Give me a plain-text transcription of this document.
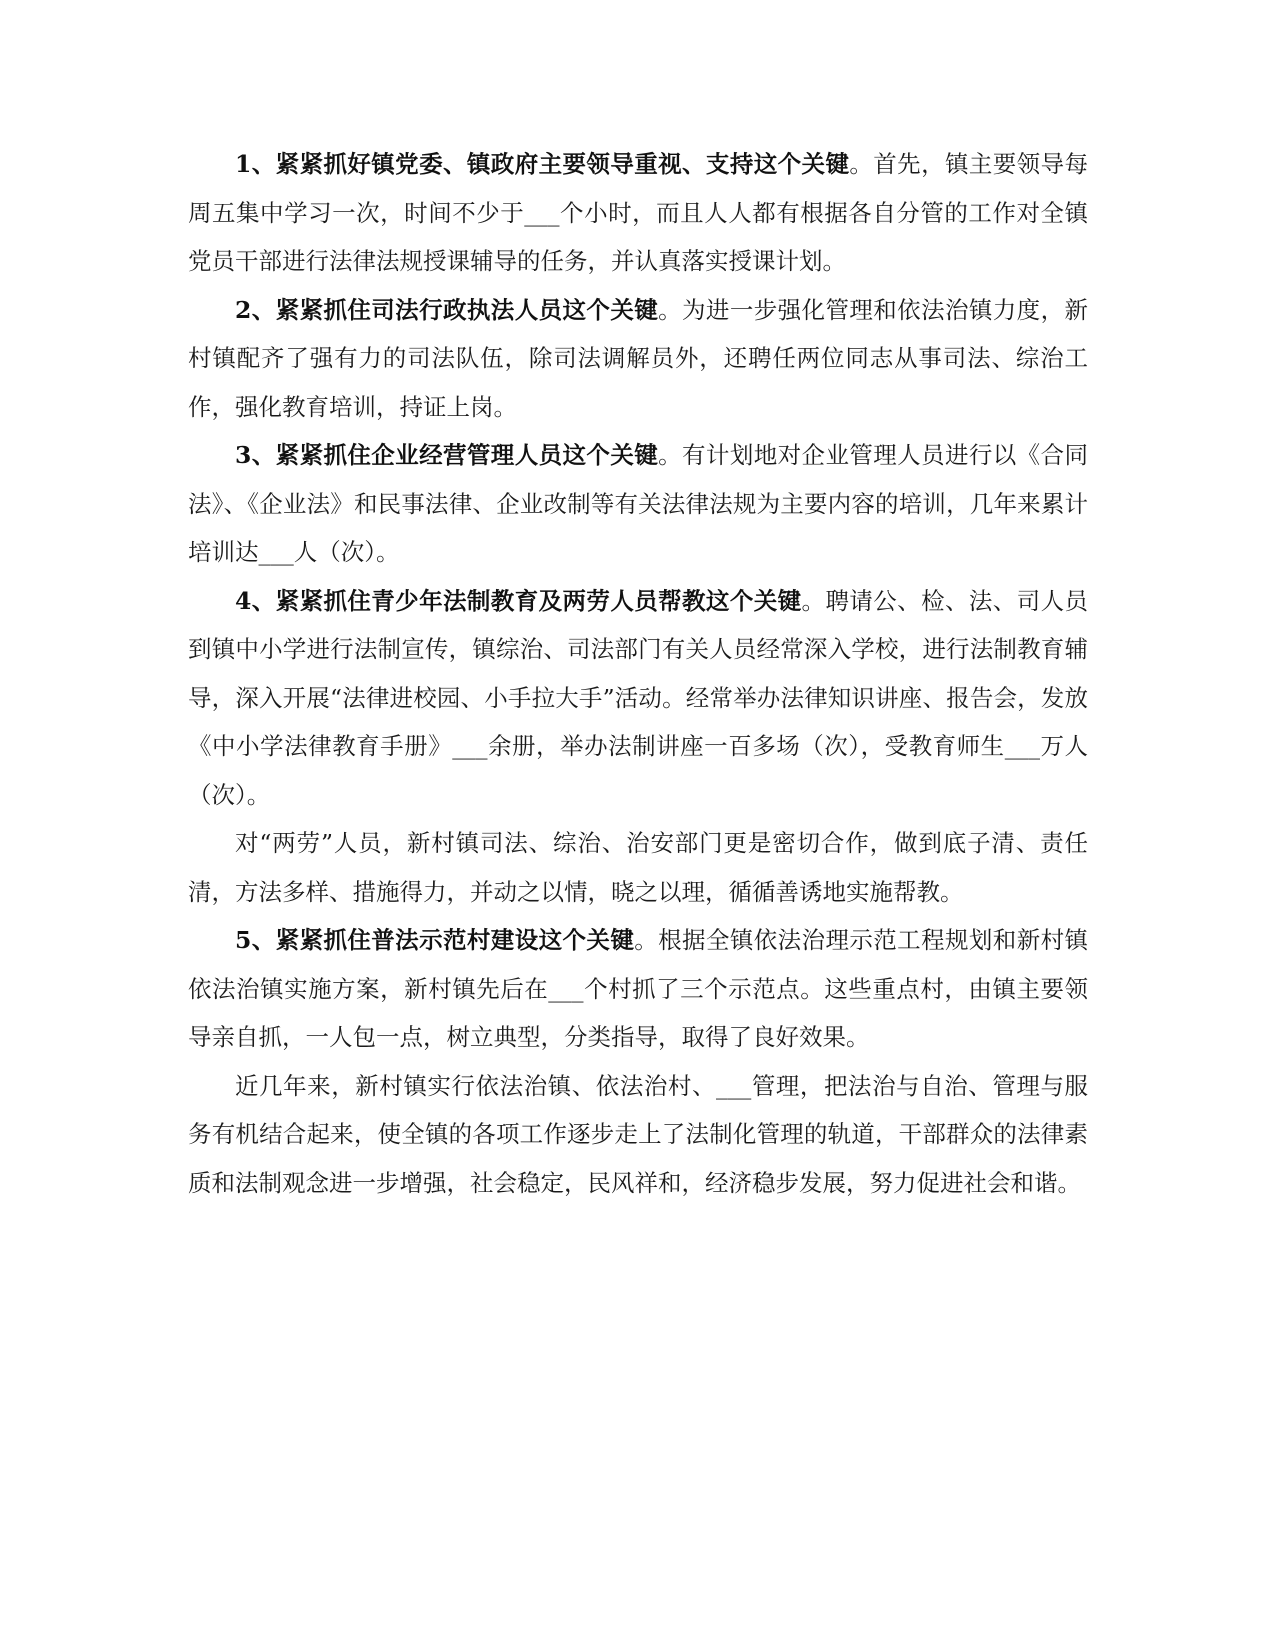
1、紧紧抓好镇党委、镇政府主要领导重视、支持这个关键。首先，镇主要领导每周五集中学习一次，时间不少于___个小时，而且人人都有根据各自分管的工作对全镇党员干部进行法律法规授课辅导的任务，并认真落实授课计划。

2、紧紧抓住司法行政执法人员这个关键。为进一步强化管理和依法治镇力度，新村镇配齐了强有力的司法队伍，除司法调解员外，还聘任两位同志从事司法、综治工作，强化教育培训，持证上岗。

3、紧紧抓住企业经营管理人员这个关键。有计划地对企业管理人员进行以《合同法》、《企业法》和民事法律、企业改制等有关法律法规为主要内容的培训，几年来累计培训达___人（次）。

4、紧紧抓住青少年法制教育及两劳人员帮教这个关键。聘请公、检、法、司人员到镇中小学进行法制宣传，镇综治、司法部门有关人员经常深入学校，进行法制教育辅导，深入开展“法律进校园、小手拉大手”活动。经常举办法律知识讲座、报告会，发放《中小学法律教育手册》___余册，举办法制讲座一百多场（次），受教育师生___万人（次）。

对“两劳”人员，新村镇司法、综治、治安部门更是密切合作，做到底子清、责任清，方法多样、措施得力，并动之以情，晓之以理，循循善诱地实施帮教。

5、紧紧抓住普法示范村建设这个关键。根据全镇依法治理示范工程规划和新村镇依法治镇实施方案，新村镇先后在___个村抓了三个示范点。这些重点村，由镇主要领导亲自抓，一人包一点，树立典型，分类指导，取得了良好效果。

近几年来，新村镇实行依法治镇、依法治村、___管理，把法治与自治、管理与服务有机结合起来，使全镇的各项工作逐步走上了法制化管理的轨道，干部群众的法律素质和法制观念进一步增强，社会稳定，民风祥和，经济稳步发展，努力促进社会和谐。
